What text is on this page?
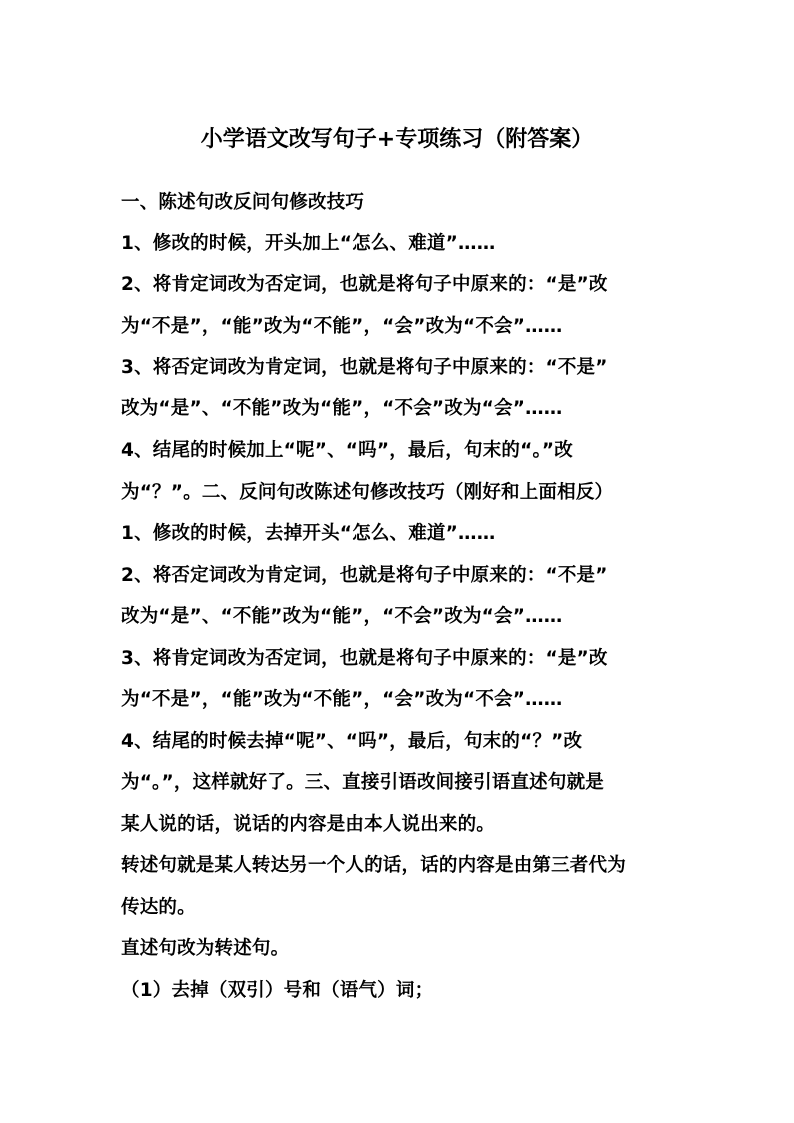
小学语文改写句子+专项练习（附答案）
一、陈述句改反问句修改技巧
1、修改的时候，开头加上“怎么、难道”……
2、将肯定词改为否定词，也就是将句子中原来的：“是”改
为“不是”，“能”改为“不能”，“会”改为“不会”……
3、将否定词改为肯定词，也就是将句子中原来的：“不是”
改为“是”、“不能”改为“能”，“不会”改为“会”……
4、结尾的时候加上“呢”、“吗”，最后，句末的“。”改
为“？”。二、反问句改陈述句修改技巧（刚好和上面相反）
1、修改的时候，去掉开头“怎么、难道”……
2、将否定词改为肯定词，也就是将句子中原来的：“不是”
改为“是”、“不能”改为“能”，“不会”改为“会”……
3、将肯定词改为否定词，也就是将句子中原来的：“是”改
为“不是”，“能”改为“不能”，“会”改为“不会”……
4、结尾的时候去掉“呢”、“吗”，最后，句末的“？”改
为“。”，这样就好了。三、直接引语改间接引语直述句就是
某人说的话，说话的内容是由本人说出来的。
转述句就是某人转达另一个人的话，话的内容是由第三者代为
传达的。
直述句改为转述句。
（1）去掉（双引）号和（语气）词；
